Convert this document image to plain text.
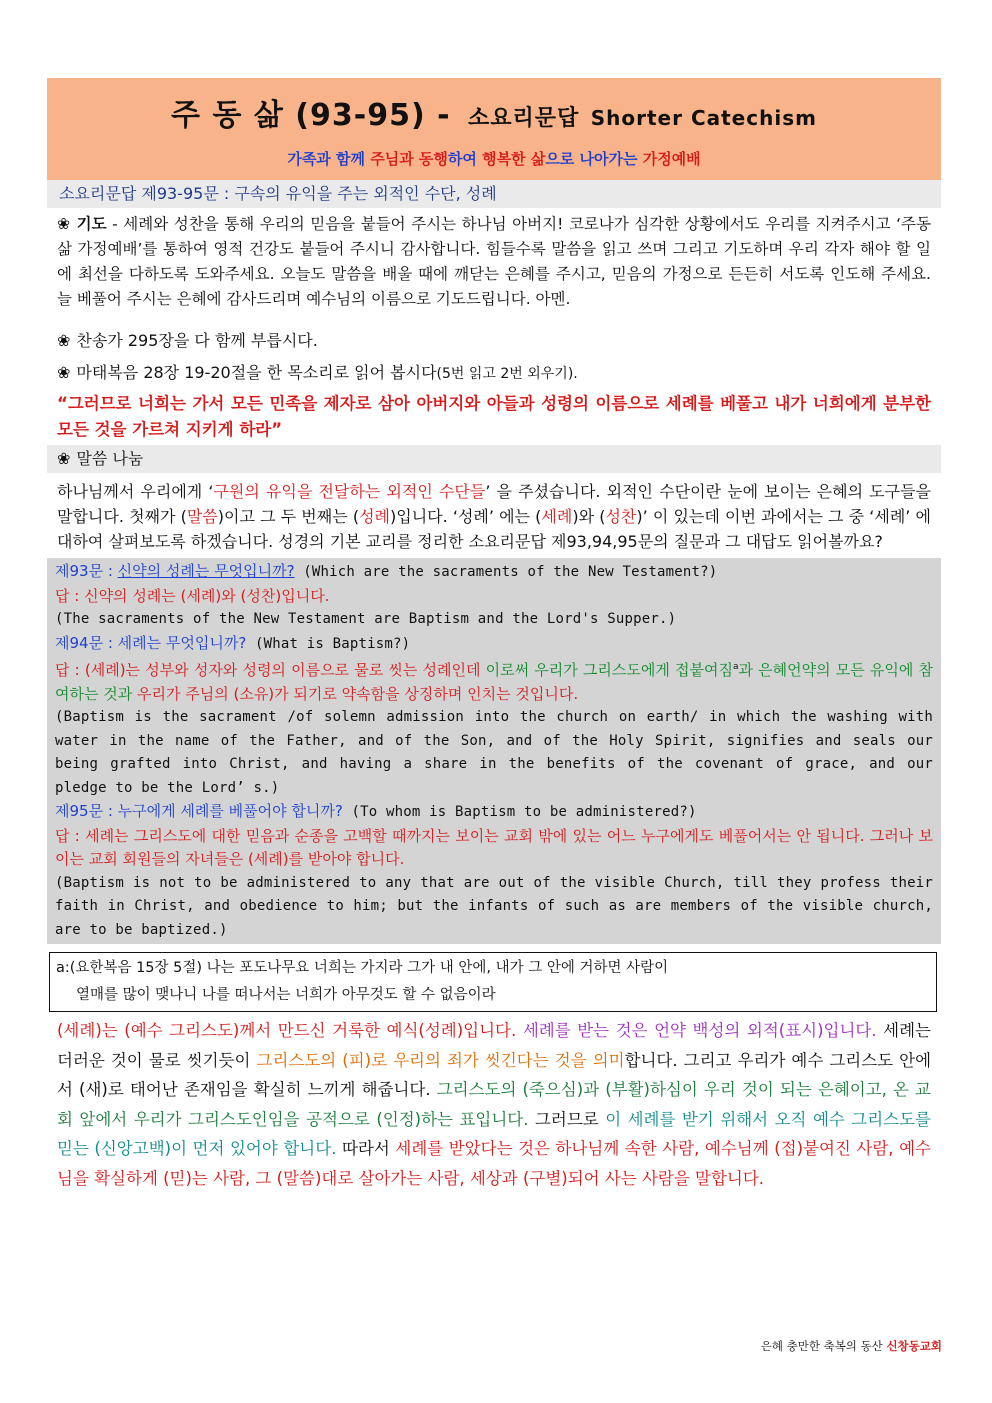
주 동 삶 (93-95) - 소요리문답 Shorter Catechism
가족과 함께 주님과 동행하여 행복한 삶으로 나아가는 가정예배
소요리문답 제93-95문 : 구속의 유익을 주는 외적인 수단, 성례
❀ 기도 - 세례와 성찬을 통해 우리의 믿음을 붙들어 주시는 하나님 아버지! 코로나가 심각한 상황에서도 우리를 지켜주시고 ‘주동삶 가정예배’를 통하여 영적 건강도 붙들어 주시니 감사합니다. 힘들수록 말씀을 읽고 쓰며 그리고 기도하며 우리 각자 해야 할 일에 최선을 다하도록 도와주세요. 오늘도 말씀을 배울 때에 깨닫는 은혜를 주시고, 믿음의 가정으로 든든히 서도록 인도해 주세요. 늘 베풀어 주시는 은혜에 감사드리며 예수님의 이름으로 기도드립니다. 아멘.
❀ 찬송가 295장을 다 함께 부릅시다.
❀ 마태복음 28장 19-20절을 한 목소리로 읽어 봅시다(5번 읽고 2번 외우기).
“그러므로 너희는 가서 모든 민족을 제자로 삼아 아버지와 아들과 성령의 이름으로 세례를 베풀고 내가 너희에게 분부한 모든 것을 가르쳐 지키게 하라”
❀ 말씀 나눔
하나님께서 우리에게 ‘구원의 유익을 전달하는 외적인 수단들’ 을 주셨습니다. 외적인 수단이란 눈에 보이는 은혜의 도구들을 말합니다. 첫째가 (말씀)이고 그 두 번째는 (성례)입니다. ‘성례’ 에는 (세례)와 (성찬)’ 이 있는데 이번 과에서는 그 중 ‘세례’ 에 대하여 살펴보도록 하겠습니다. 성경의 기본 교리를 정리한 소요리문답 제93,94,95문의 질문과 그 대답도 읽어볼까요?
제93문 : 신약의 성례는 무엇입니까? (Which are the sacraments of the New Testament?)
답 : 신약의 성례는 (세례)와 (성찬)입니다.
(The sacraments of the New Testament are Baptism and the Lord's Supper.)
제94문 : 세례는 무엇입니까? (What is Baptism?)
답 : (세례)는 성부와 성자와 성령의 이름으로 물로 씻는 성례인데 이로써 우리가 그리스도에게 접붙여짐$^a$과 은혜언약의 모든 유익에 참여하는 것과 우리가 주님의 (소유)가 되기로 약속함을 상징하며 인치는 것입니다.
(Baptism is the sacrament /of solemn admission into the church on earth/ in which the washing with water in the name of the Father, and of the Son, and of the Holy Spirit, signifies and seals our being grafted into Christ, and having a share in the benefits of the covenant of grace, and our pledge to be the Lord’ s.)
제95문 : 누구에게 세례를 베풀어야 합니까? (To whom is Baptism to be administered?)
답 : 세례는 그리스도에 대한 믿음과 순종을 고백할 때까지는 보이는 교회 밖에 있는 어느 누구에게도 베풀어서는 안 됩니다. 그러나 보이는 교회 회원들의 자녀들은 (세례)를 받아야 합니다.
(Baptism is not to be administered to any that are out of the visible Church, till they profess their faith in Christ, and obedience to him; but the infants of such as are members of the visible church, are to be baptized.)
a:(요한복음 15장 5절) 나는 포도나무요 너희는 가지라 그가 내 안에, 내가 그 안에 거하면 사람이
열매를 많이 맺나니 나를 떠나서는 너희가 아무것도 할 수 없음이라
(세례)는 (예수 그리스도)께서 만드신 거룩한 예식(성례)입니다. 세례를 받는 것은 언약 백성의 외적(표시)입니다. 세례는 더러운 것이 물로 씻기듯이 그리스도의 (피)로 우리의 죄가 씻긴다는 것을 의미합니다. 그리고 우리가 예수 그리스도 안에서 (새)로 태어난 존재임을 확실히 느끼게 해줍니다. 그리스도의 (죽으심)과 (부활)하심이 우리 것이 되는 은혜이고, 온 교회 앞에서 우리가 그리스도인임을 공적으로 (인정)하는 표입니다. 그러므로 이 세례를 받기 위해서 오직 예수 그리스도를 믿는 (신앙고백)이 먼저 있어야 합니다. 따라서 세례를 받았다는 것은 하나님께 속한 사람, 예수님께 (접)붙여진 사람, 예수님을 확실하게 (믿)는 사람, 그 (말씀)대로 살아가는 사람, 세상과 (구별)되어 사는 사람을 말합니다.
은혜 충만한 축복의 동산 신창동교회
